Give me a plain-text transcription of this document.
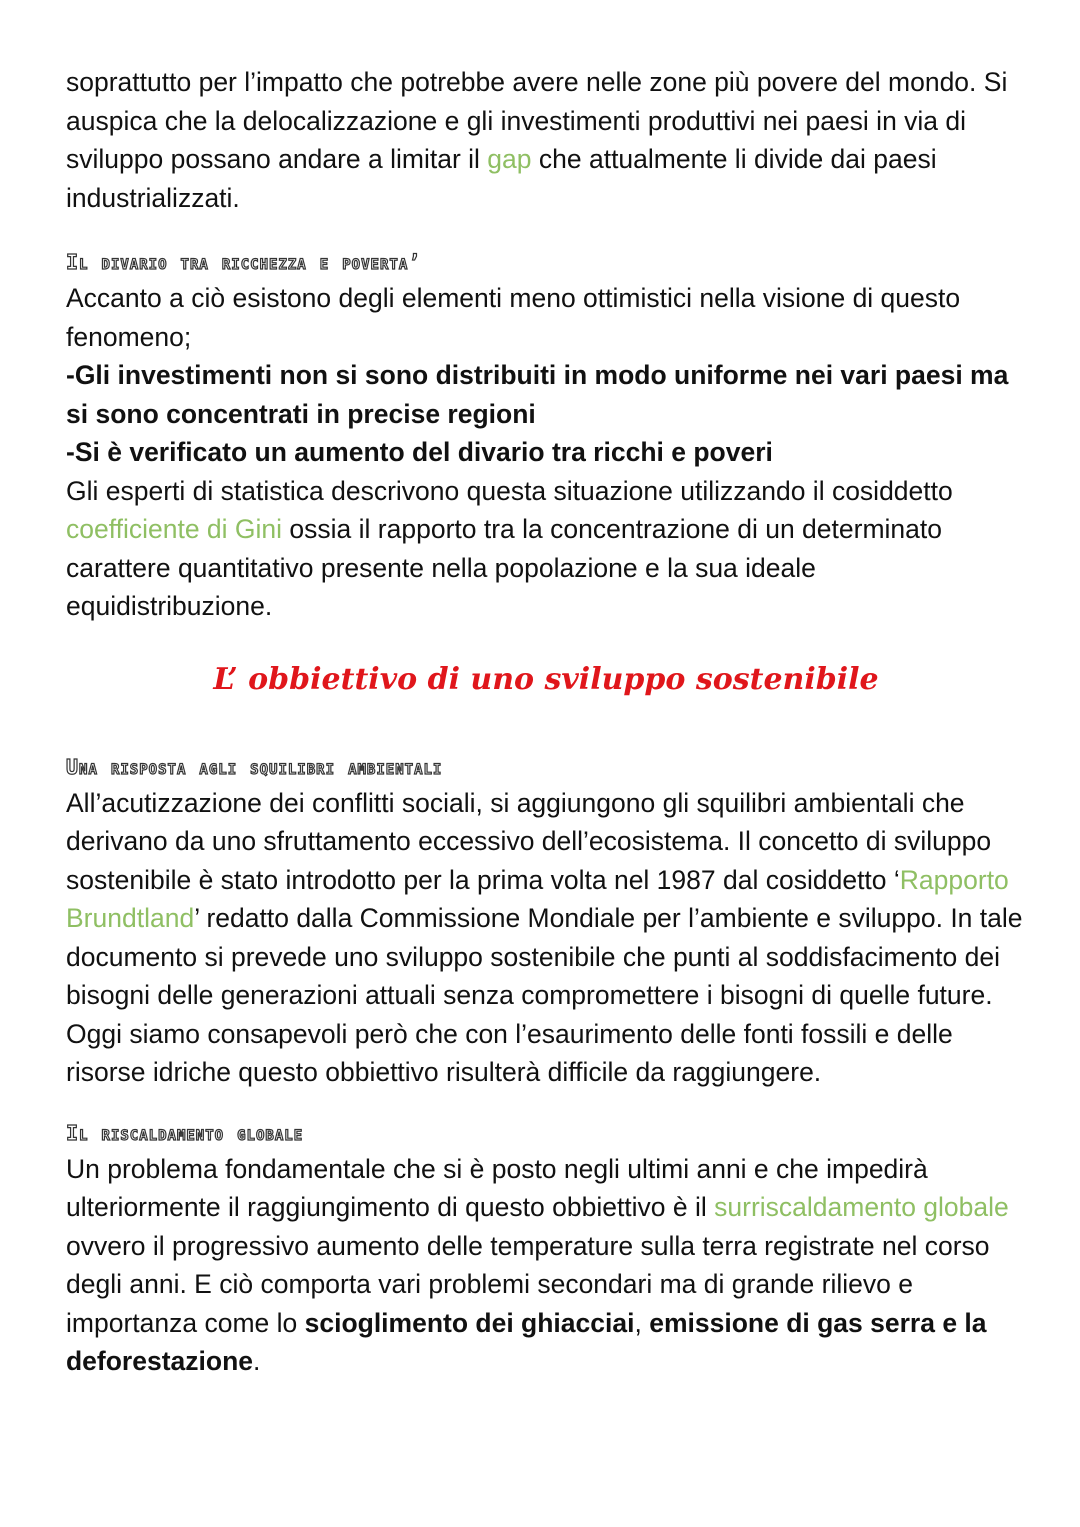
soprattutto per l’impatto che potrebbe avere nelle zone più povere del mondo. Si auspica che la delocalizzazione e gli investimenti produttivi nei paesi in via di sviluppo possano andare a limitar il gap che attualmente li divide dai paesi industrializzati.

Il divario tra ricchezza e poverta’

Accanto a ciò esistono degli elementi meno ottimistici nella visione di questo fenomeno;
-Gli investimenti non si sono distribuiti in modo uniforme nei vari paesi ma si sono concentrati in precise regioni
-Si è verificato un aumento del divario tra ricchi e poveri
Gli esperti di statistica descrivono questa situazione utilizzando il cosiddetto coefficiente di Gini ossia il rapporto tra la concentrazione di un determinato carattere quantitativo presente nella popolazione e la sua ideale equidistribuzione.

L’ obbiettivo di uno sviluppo sostenibile
Una risposta agli squilibri ambientali

All’acutizzazione dei conflitti sociali, si aggiungono gli squilibri ambientali che derivano da uno sfruttamento eccessivo dell’ecosistema. Il concetto di sviluppo sostenibile è stato introdotto per la prima volta nel 1987 dal cosiddetto ‘Rapporto Brundtland’ redatto dalla Commissione Mondiale per l’ambiente e sviluppo. In tale documento si prevede uno sviluppo sostenibile che punti al soddisfacimento dei bisogni delle generazioni attuali senza compromettere i bisogni di quelle future. Oggi siamo consapevoli però che con l’esaurimento delle fonti fossili e delle risorse idriche questo obbiettivo risulterà difficile da raggiungere.

Il riscaldamento globale

Un problema fondamentale che si è posto negli ultimi anni e che impedirà ulteriormente il raggiungimento di questo obbiettivo è il surriscaldamento globale ovvero il progressivo aumento delle temperature sulla terra registrate nel corso degli anni. E ciò comporta vari problemi secondari ma di grande rilievo e importanza come lo scioglimento dei ghiacciai, emissione di gas serra e la deforestazione.
